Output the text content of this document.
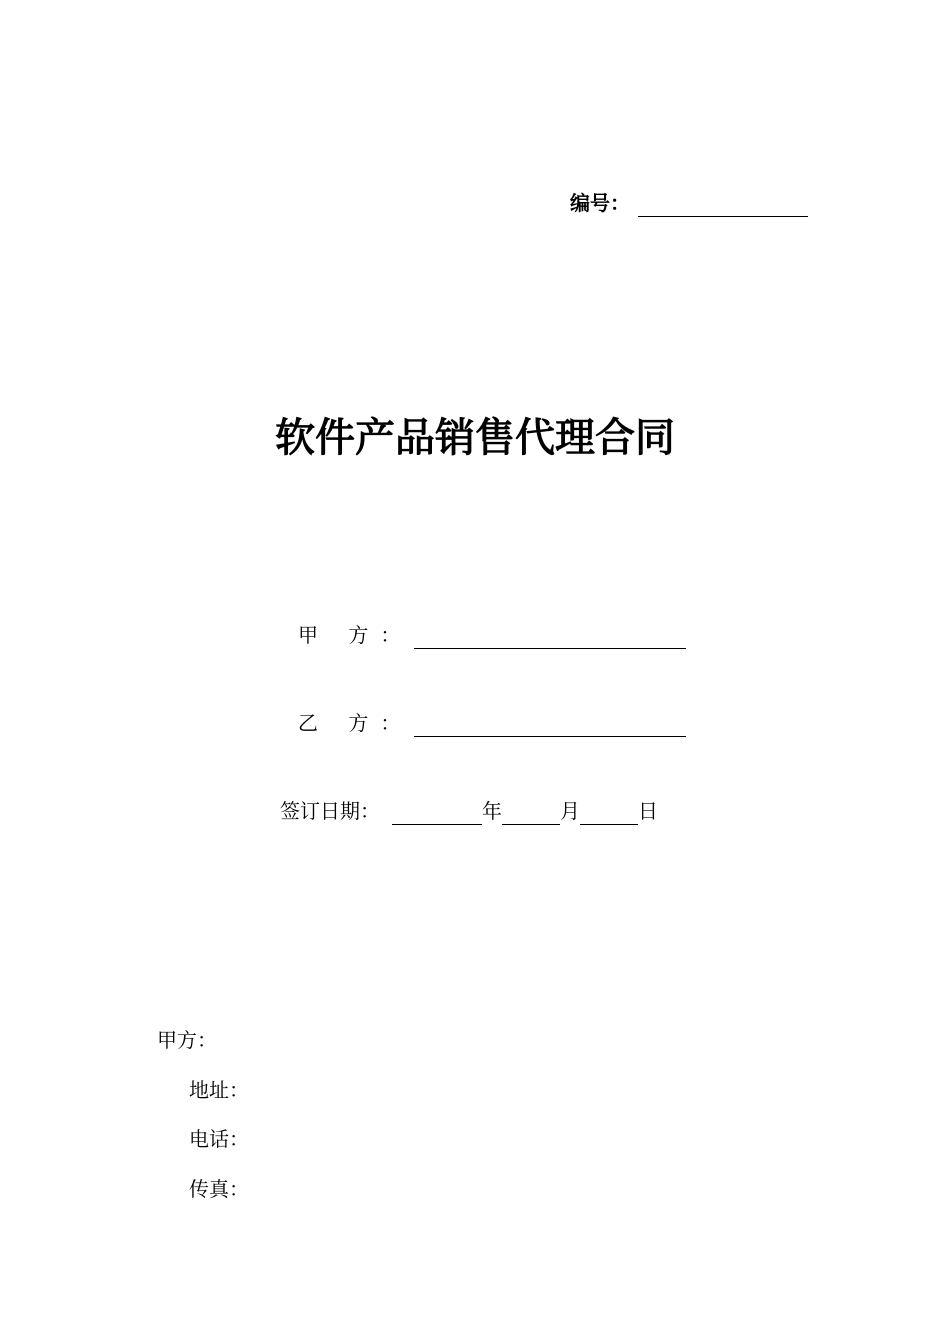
编号：
软件产品销售代理合同
甲 方：
乙 方：
签订日期：	年	月	日
甲方：
地址：
电话：
传真：
